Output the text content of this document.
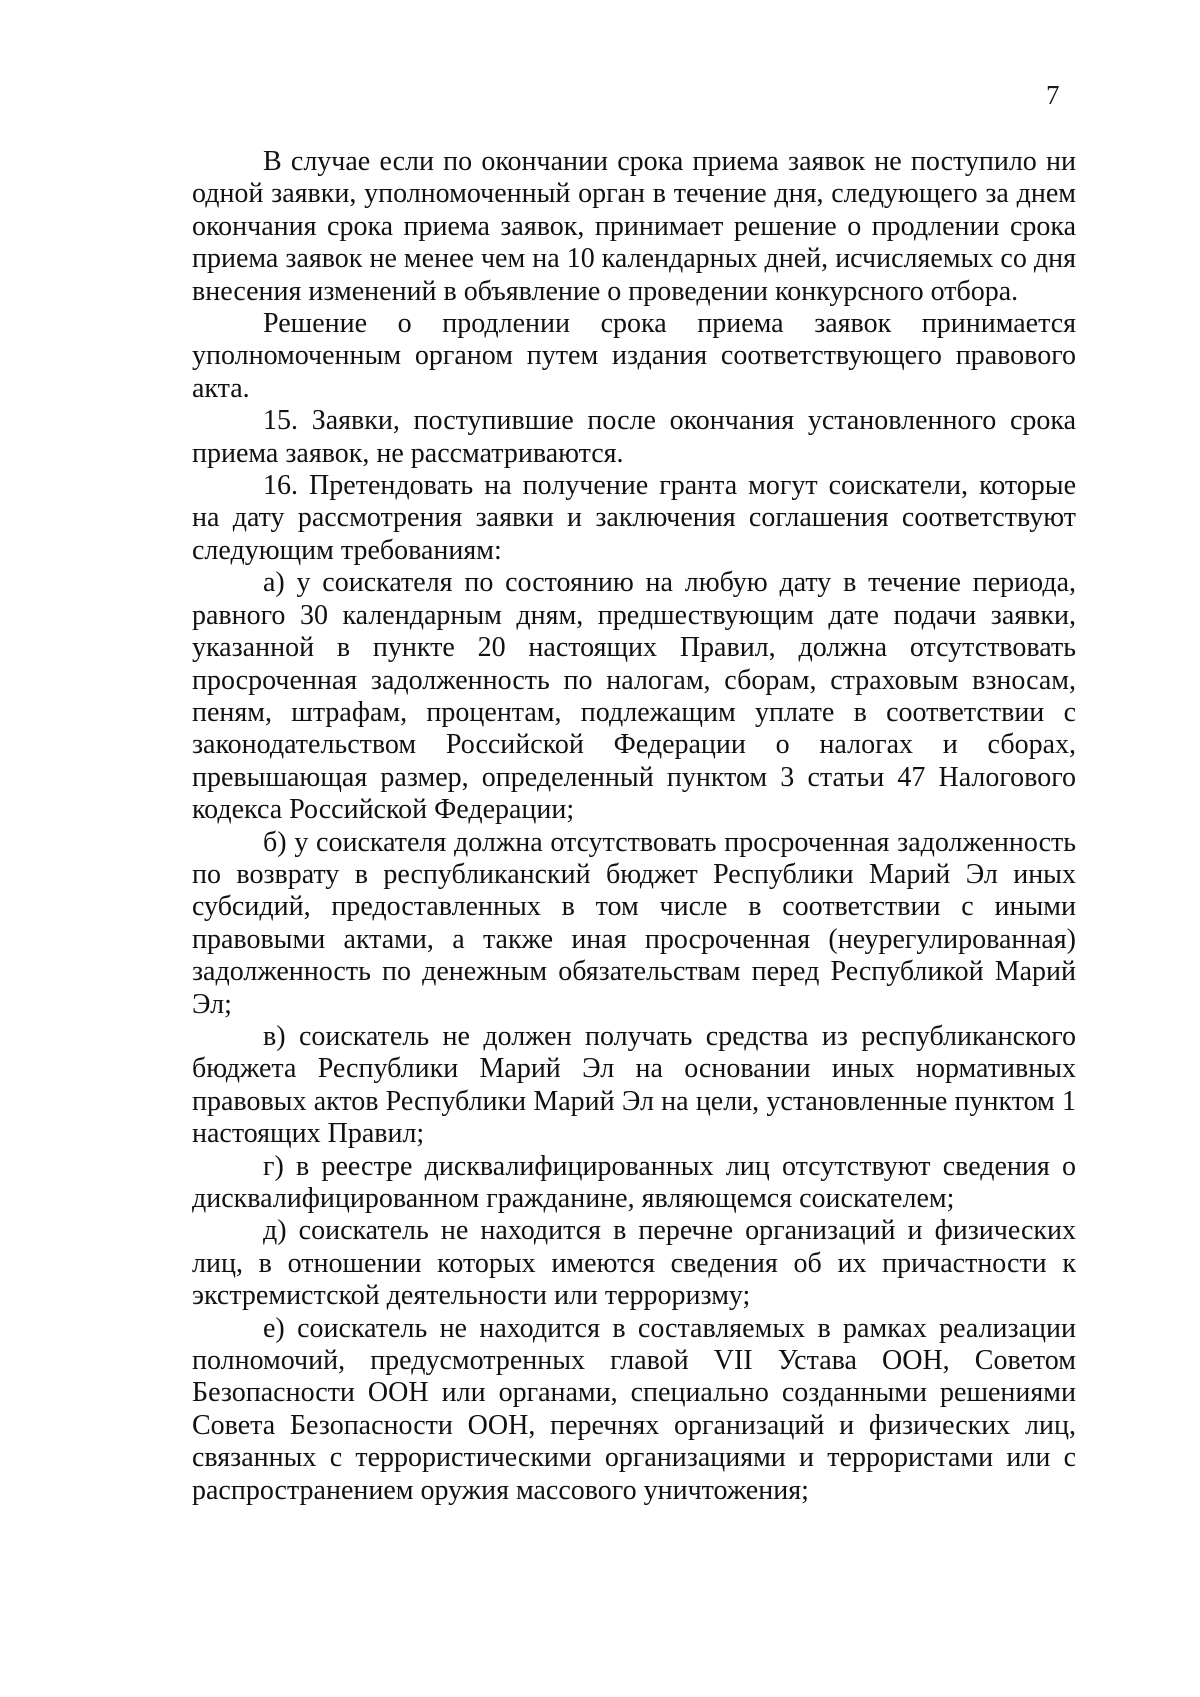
7

В случае если по окончании срока приема заявок не поступило ни одной заявки, уполномоченный орган в течение дня, следующего за днем окончания срока приема заявок, принимает решение о продлении срока приема заявок не менее чем на 10 календарных дней, исчисляемых со дня внесения изменений в объявление о проведении конкурсного отбора.

Решение о продлении срока приема заявок принимается уполномоченным органом путем издания соответствующего правового акта.

15. Заявки, поступившие после окончания установленного срока приема заявок, не рассматриваются.

16. Претендовать на получение гранта могут соискатели, которые на дату рассмотрения заявки и заключения соглашения соответствуют следующим требованиям:

а) у соискателя по состоянию на любую дату в течение периода, равного 30 календарным дням, предшествующим дате подачи заявки, указанной в пункте 20 настоящих Правил, должна отсутствовать просроченная задолженность по налогам, сборам, страховым взносам, пеням, штрафам, процентам, подлежащим уплате в соответствии с законодательством Российской Федерации о налогах и сборах, превышающая размер, определенный пунктом 3 статьи 47 Налогового кодекса Российской Федерации;

б) у соискателя должна отсутствовать просроченная задолженность по возврату в республиканский бюджет Республики Марий Эл иных субсидий, предоставленных в том числе в соответствии с иными правовыми актами, а также иная просроченная (неурегулированная) задолженность по денежным обязательствам перед Республикой Марий Эл;

в) соискатель не должен получать средства из республиканского бюджета Республики Марий Эл на основании иных нормативных правовых актов Республики Марий Эл на цели, установленные пунктом 1 настоящих Правил;

г) в реестре дисквалифицированных лиц отсутствуют сведения о дисквалифицированном гражданине, являющемся соискателем;

д) соискатель не находится в перечне организаций и физических лиц, в отношении которых имеются сведения об их причастности к экстремистской деятельности или терроризму;

е) соискатель не находится в составляемых в рамках реализации полномочий, предусмотренных главой VII Устава ООН, Советом Безопасности ООН или органами, специально созданными решениями Совета Безопасности ООН, перечнях организаций и физических лиц, связанных с террористическими организациями и террористами или с распространением оружия массового уничтожения;
